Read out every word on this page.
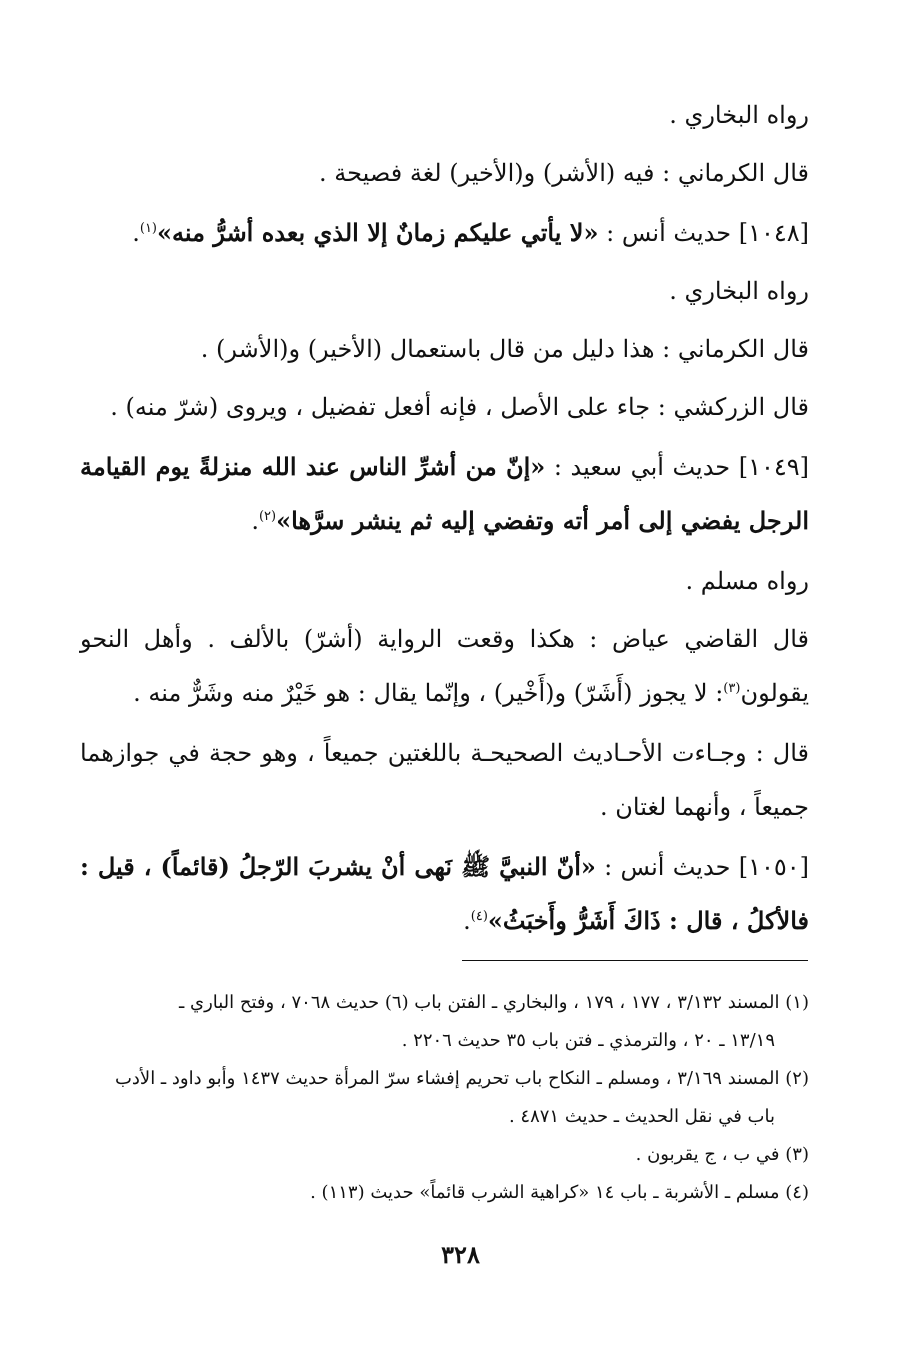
رواه البخاري .

قال الكرماني : فيه (الأشر) و(الأخير) لغة فصيحة .

[١٠٤٨] حديث أنس : «لا يأتي عليكم زمانٌ إلا الذي بعده أشرُّ منه»$^{(١)}$.

رواه البخاري .

قال الكرماني : هذا دليل من قال باستعمال (الأخير) و(الأشر) .

قال الزركشي : جاء على الأصل ، فإنه أفعل تفضيل ، ويروى (شرّ منه) .

[١٠٤٩] حديث أبي سعيد : «إنّ من أشرِّ الناس عند الله منزلةً يوم القيامة الرجل يفضي إلى أمر أته وتفضي إليه ثم ينشر سرَّها»$^{(٢)}$.

رواه مسلم .

قال القاضي عياض : هكذا وقعت الرواية (أشرّ) بالألف . وأهل النحو يقولون$^{(٣)}$: لا يجوز (أَشَرّ) و(أَخْير) ، وإنّما يقال : هو خَيْرٌ منه وشَرٌّ منه .

قال : وجـاءت الأحـاديث الصحيحـة باللغتين جميعاً ، وهو حجة في جوازهما جميعاً ، وأنهما لغتان .

[١٠٥٠] حديث أنس : «أنّ النبيَّ ﷺ نَهى أنْ يشربَ الرّجلُ (قائماً) ، قيل : فالأكلُ ، قال : ذَاكَ أَشَرُّ وأَخبَثُ»$^{(٤)}$.

(١) المسند ٣/١٣٢ ، ١٧٧ ، ١٧٩ ، والبخاري ـ الفتن باب (٦) حديث ٧٠٦٨ ، وفتح الباري ـ
١٣/١٩ ـ ٢٠ ، والترمذي ـ فتن باب ٣٥ حديث ٢٢٠٦ .
(٢) المسند ٣/١٦٩ ، ومسلم ـ النكاح باب تحريم إفشاء سرّ المرأة حديث ١٤٣٧ وأبو داود ـ الأدب
باب في نقل الحديث ـ حديث ٤٨٧١ .
(٣) في ب ، ج يقربون .
(٤) مسلم ـ الأشربة ـ باب ١٤ «كراهية الشرب قائماً» حديث (١١٣) .
٣٢٨
